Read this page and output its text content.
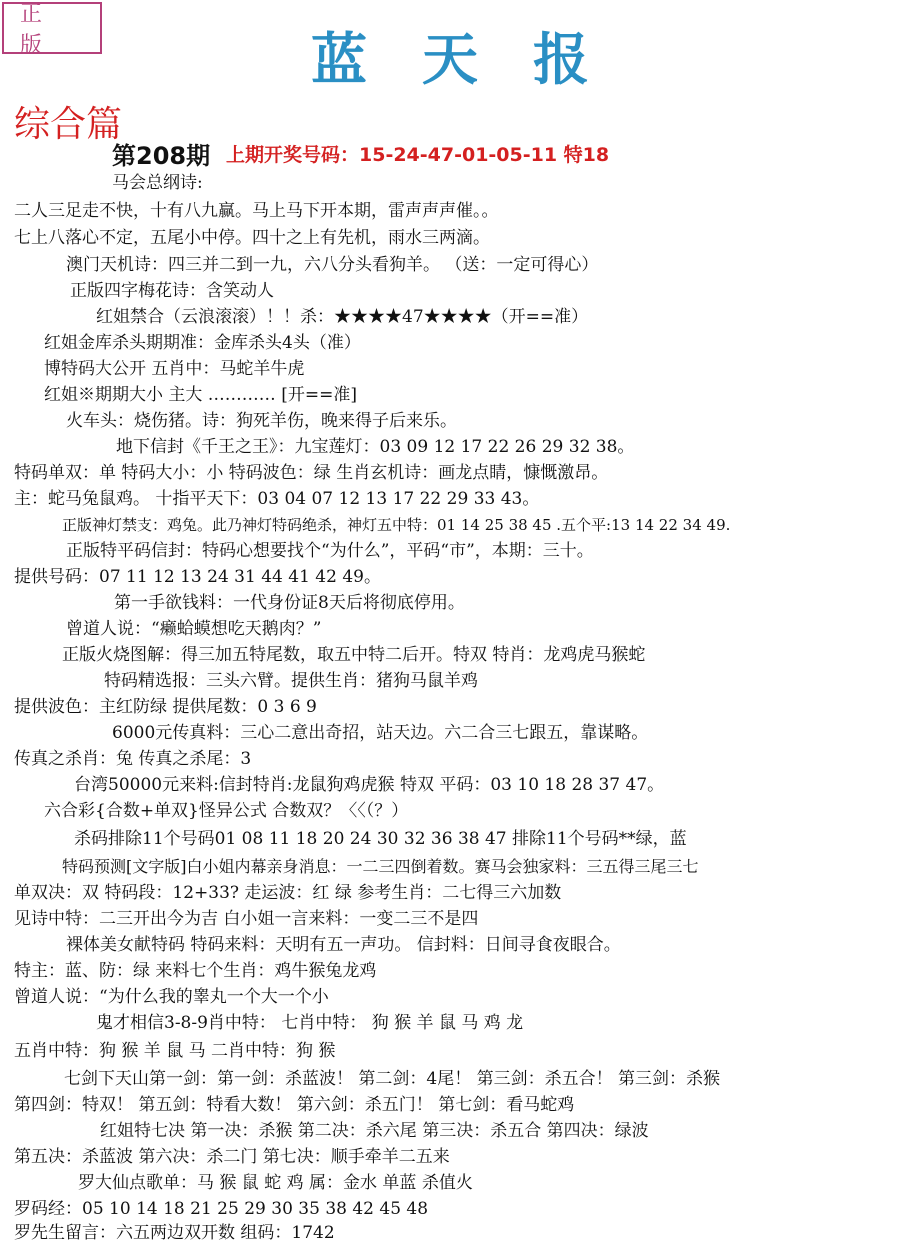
正版	蓝天报
综合篇
第208期 上期开奖号码：15-24-47-01-05-11 特18
马会总纲诗:
二人三足走不快，十有八九赢。马上马下开本期，雷声声声催。。
七上八落心不定，五尾小中停。四十之上有先机，雨水三两滴。
澳门天机诗：四三并二到一九，六八分头看狗羊。 （送：一定可得心）
正版四字梅花诗：含笑动人
红姐禁合（云浪滚滚）！！杀：★★★★47★★★★（开==准）
红姐金库杀头期期准：金库杀头4头（准）
博特码大公开 五肖中：马蛇羊牛虎
红姐※期期大小 主大 ………… [开==准]
火车头：烧伤猪。诗：狗死羊伤，晚来得子后来乐。
地下信封《千王之王》：九宝莲灯：03 09 12 17 22 26 29 32 38。
特码单双：单 特码大小：小 特码波色：绿 生肖玄机诗：画龙点睛，慷慨激昂。
主：蛇马兔鼠鸡。 十指平天下：03 04 07 12 13 17 22 29 33 43。
正版神灯禁支：鸡兔。此乃神灯特码绝杀，神灯五中特：01 14 25 38 45 .五个平:13 14 22 34 49.
正版特平码信封：特码心想要找个“为什么”，平码“市”，本期：三十。
提供号码：07 11 12 13 24 31 44 41 42 49。
第一手欲钱料：一代身份证8天后将彻底停用。
曾道人说：“癞蛤蟆想吃天鹅肉？”
正版火烧图解：得三加五特尾数，取五中特二后开。特双 特肖：龙鸡虎马猴蛇
特码精选报：三头六臂。提供生肖：猪狗马鼠羊鸡
提供波色：主红防绿 提供尾数：0 3 6 9
6000元传真料：三心二意出奇招，站天边。六二合三七跟五，靠谋略。
传真之杀肖：兔 传真之杀尾：3
台湾50000元来料:信封特肖:龙鼠狗鸡虎猴 特双 平码：03 10 18 28 37 47。
六合彩{合数+单双}怪异公式 合数双？〈〈（？）
杀码排除11个号码01 08 11 18 20 24 30 32 36 38 47 排除11个号码**绿，蓝
特码预测[文字版]白小姐内幕亲身消息：一二三四倒着数。赛马会独家料：三五得三尾三七
单双决：双 特码段：12+33? 走运波：红 绿 参考生肖：二七得三六加数
见诗中特：二三开出今为吉 白小姐一言来料：一变二三不是四
裸体美女献特码 特码来料：天明有五一声功。 信封料：日间寻食夜眼合。
特主：蓝、防：绿 来料七个生肖：鸡牛猴兔龙鸡
曾道人说：“为什么我的睾丸一个大一个小
鬼才相信3-8-9肖中特： 七肖中特： 狗 猴 羊 鼠 马 鸡 龙
五肖中特：狗 猴 羊 鼠 马 二肖中特：狗 猴
七剑下天山第一剑：第一剑：杀蓝波！ 第二剑：4尾！ 第三剑：杀五合！ 第三剑：杀猴
第四剑：特双！ 第五剑：特看大数！ 第六剑：杀五门！ 第七剑：看马蛇鸡
红姐特七决 第一决：杀猴 第二决：杀六尾 第三决：杀五合 第四决：绿波
第五决：杀蓝波 第六决：杀二门 第七决：顺手牵羊二五来
罗大仙点歌单：马 猴 鼠 蛇 鸡 属：金水 单蓝 杀值火
罗码经：05 10 14 18 21 25 29 30 35 38 42 45 48
罗先生留言：六五两边双开数 组码：1742
